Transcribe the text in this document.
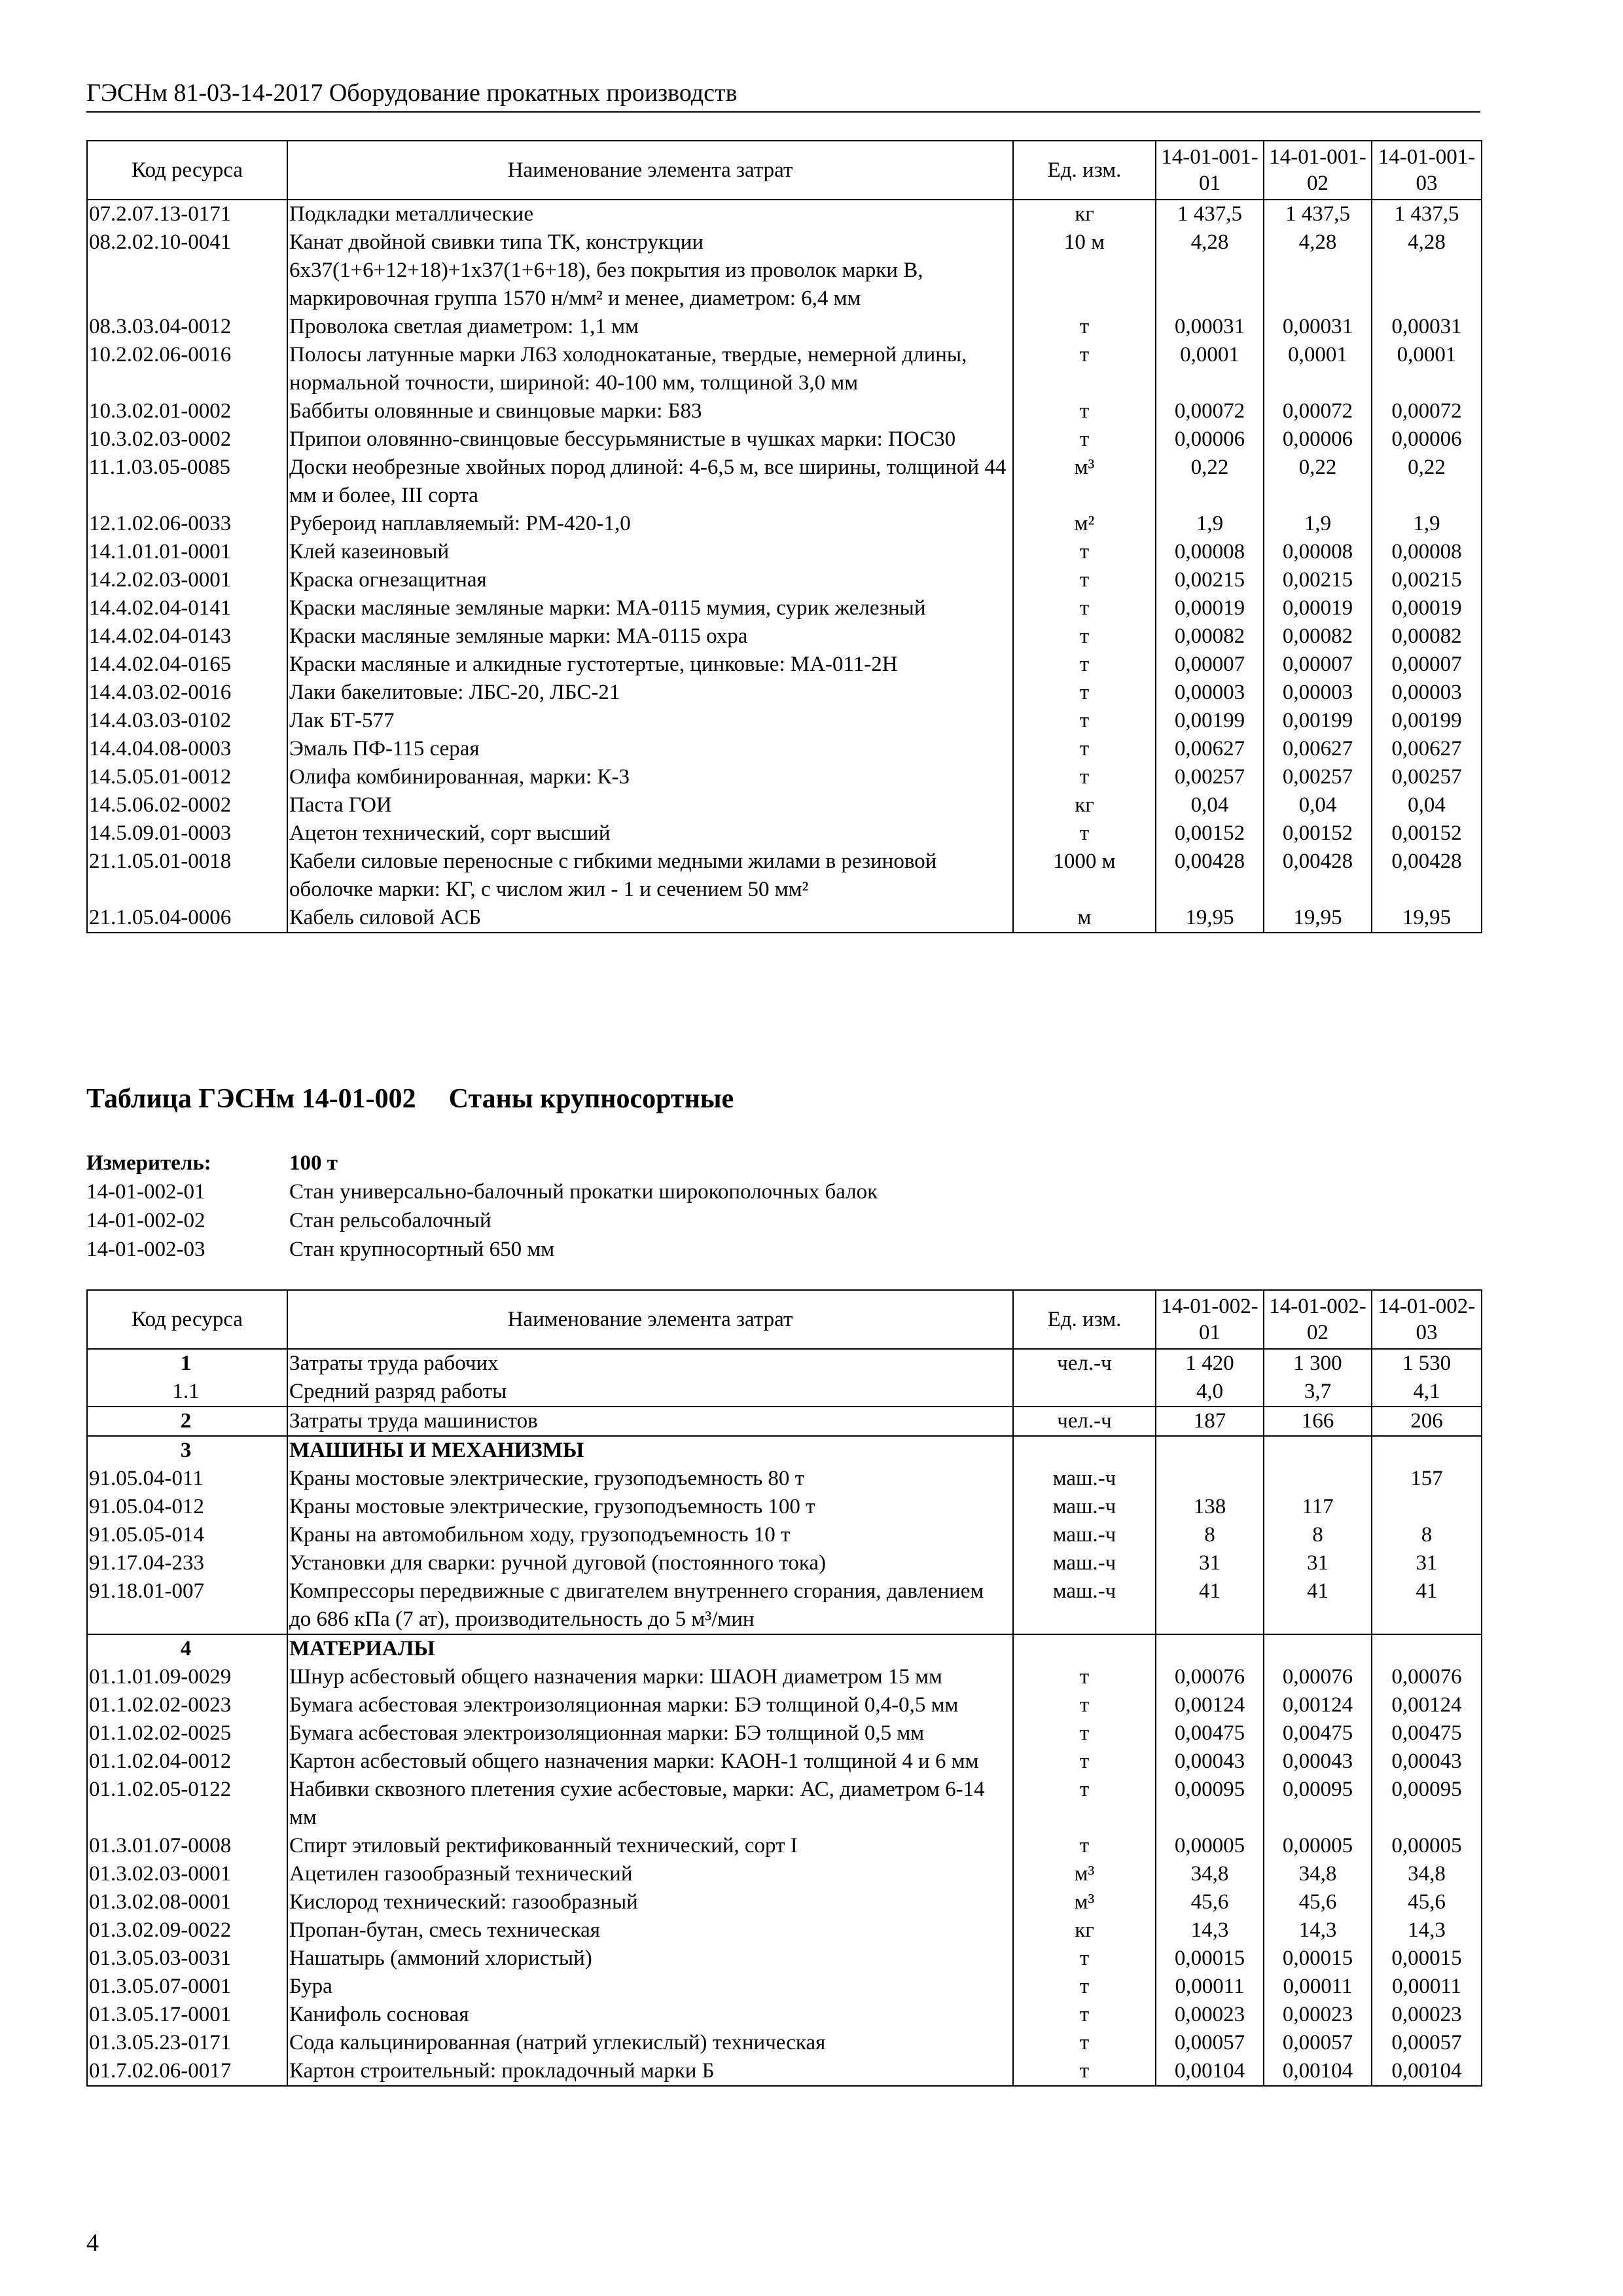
ГЭСНм 81-03-14-2017 Оборудование прокатных производств
Код ресурса	Наименование элемента затрат	Ед. изм.	14-01-001-01	14-01-001-02	14-01-001-03
07.2.07.13-0171	Подкладки металлические	кг	1 437,5	1 437,5	1 437,5
08.2.02.10-0041	Канат двойной свивки типа ТК, конструкции 6х37(1+6+12+18)+1х37(1+6+18), без покрытия из проволок марки В, маркировочная группа 1570 н/мм² и менее, диаметром: 6,4 мм	10 м	4,28	4,28	4,28
08.3.03.04-0012	Проволока светлая диаметром: 1,1 мм	т	0,00031	0,00031	0,00031
10.2.02.06-0016	Полосы латунные марки Л63 холоднокатаные, твердые, немерной длины, нормальной точности, шириной: 40-100 мм, толщиной 3,0 мм	т	0,0001	0,0001	0,0001
10.3.02.01-0002	Баббиты оловянные и свинцовые марки: Б83	т	0,00072	0,00072	0,00072
10.3.02.03-0002	Припои оловянно-свинцовые бессурьмянистые в чушках марки: ПОС30	т	0,00006	0,00006	0,00006
11.1.03.05-0085	Доски необрезные хвойных пород длиной: 4-6,5 м, все ширины, толщиной 44 мм и более, III сорта	м³	0,22	0,22	0,22
12.1.02.06-0033	Рубероид наплавляемый: РМ-420-1,0	м²	1,9	1,9	1,9
14.1.01.01-0001	Клей казеиновый	т	0,00008	0,00008	0,00008
14.2.02.03-0001	Краска огнезащитная	т	0,00215	0,00215	0,00215
14.4.02.04-0141	Краски масляные земляные марки: МА-0115 мумия, сурик железный	т	0,00019	0,00019	0,00019
14.4.02.04-0143	Краски масляные земляные марки: МА-0115 охра	т	0,00082	0,00082	0,00082
14.4.02.04-0165	Краски масляные и алкидные густотертые, цинковые: МА-011-2Н	т	0,00007	0,00007	0,00007
14.4.03.02-0016	Лаки бакелитовые: ЛБС-20, ЛБС-21	т	0,00003	0,00003	0,00003
14.4.03.03-0102	Лак БТ-577	т	0,00199	0,00199	0,00199
14.4.04.08-0003	Эмаль ПФ-115 серая	т	0,00627	0,00627	0,00627
14.5.05.01-0012	Олифа комбинированная, марки: К-3	т	0,00257	0,00257	0,00257
14.5.06.02-0002	Паста ГОИ	кг	0,04	0,04	0,04
14.5.09.01-0003	Ацетон технический, сорт высший	т	0,00152	0,00152	0,00152
21.1.05.01-0018	Кабели силовые переносные с гибкими медными жилами в резиновой оболочке марки: КГ, с числом жил - 1 и сечением 50 мм²	1000 м	0,00428	0,00428	0,00428
21.1.05.04-0006	Кабель силовой АСБ	м	19,95	19,95	19,95
Таблица ГЭСНм 14-01-002 Станы крупносортные
Измеритель:	100 т
14-01-002-01	Стан универсально-балочный прокатки широкополочных балок
14-01-002-02	Стан рельсобалочный
14-01-002-03	Стан крупносортный 650 мм
Код ресурса	Наименование элемента затрат	Ед. изм.	14-01-002-01	14-01-002-02	14-01-002-03
1	Затраты труда рабочих	чел.-ч	1 420	1 300	1 530
1.1	Средний разряд работы		4,0	3,7	4,1
2	Затраты труда машинистов	чел.-ч	187	166	206
3	МАШИНЫ И МЕХАНИЗМЫ				
91.05.04-011	Краны мостовые электрические, грузоподъемность 80 т	маш.-ч			157
91.05.04-012	Краны мостовые электрические, грузоподъемность 100 т	маш.-ч	138	117	
91.05.05-014	Краны на автомобильном ходу, грузоподъемность 10 т	маш.-ч	8	8	8
91.17.04-233	Установки для сварки: ручной дуговой (постоянного тока)	маш.-ч	31	31	31
91.18.01-007	Компрессоры передвижные с двигателем внутреннего сгорания, давлением до 686 кПа (7 ат), производительность до 5 м³/мин	маш.-ч	41	41	41
4	МАТЕРИАЛЫ				
01.1.01.09-0029	Шнур асбестовый общего назначения марки: ШАОН диаметром 15 мм	т	0,00076	0,00076	0,00076
01.1.02.02-0023	Бумага асбестовая электроизоляционная марки: БЭ толщиной 0,4-0,5 мм	т	0,00124	0,00124	0,00124
01.1.02.02-0025	Бумага асбестовая электроизоляционная марки: БЭ толщиной 0,5 мм	т	0,00475	0,00475	0,00475
01.1.02.04-0012	Картон асбестовый общего назначения марки: КАОН-1 толщиной 4 и 6 мм	т	0,00043	0,00043	0,00043
01.1.02.05-0122	Набивки сквозного плетения сухие асбестовые, марки: АС, диаметром 6-14 мм	т	0,00095	0,00095	0,00095
01.3.01.07-0008	Спирт этиловый ректификованный технический, сорт I	т	0,00005	0,00005	0,00005
01.3.02.03-0001	Ацетилен газообразный технический	м³	34,8	34,8	34,8
01.3.02.08-0001	Кислород технический: газообразный	м³	45,6	45,6	45,6
01.3.02.09-0022	Пропан-бутан, смесь техническая	кг	14,3	14,3	14,3
01.3.05.03-0031	Нашатырь (аммоний хлористый)	т	0,00015	0,00015	0,00015
01.3.05.07-0001	Бура	т	0,00011	0,00011	0,00011
01.3.05.17-0001	Канифоль сосновая	т	0,00023	0,00023	0,00023
01.3.05.23-0171	Сода кальцинированная (натрий углекислый) техническая	т	0,00057	0,00057	0,00057
01.7.02.06-0017	Картон строительный: прокладочный марки Б	т	0,00104	0,00104	0,00104
4
